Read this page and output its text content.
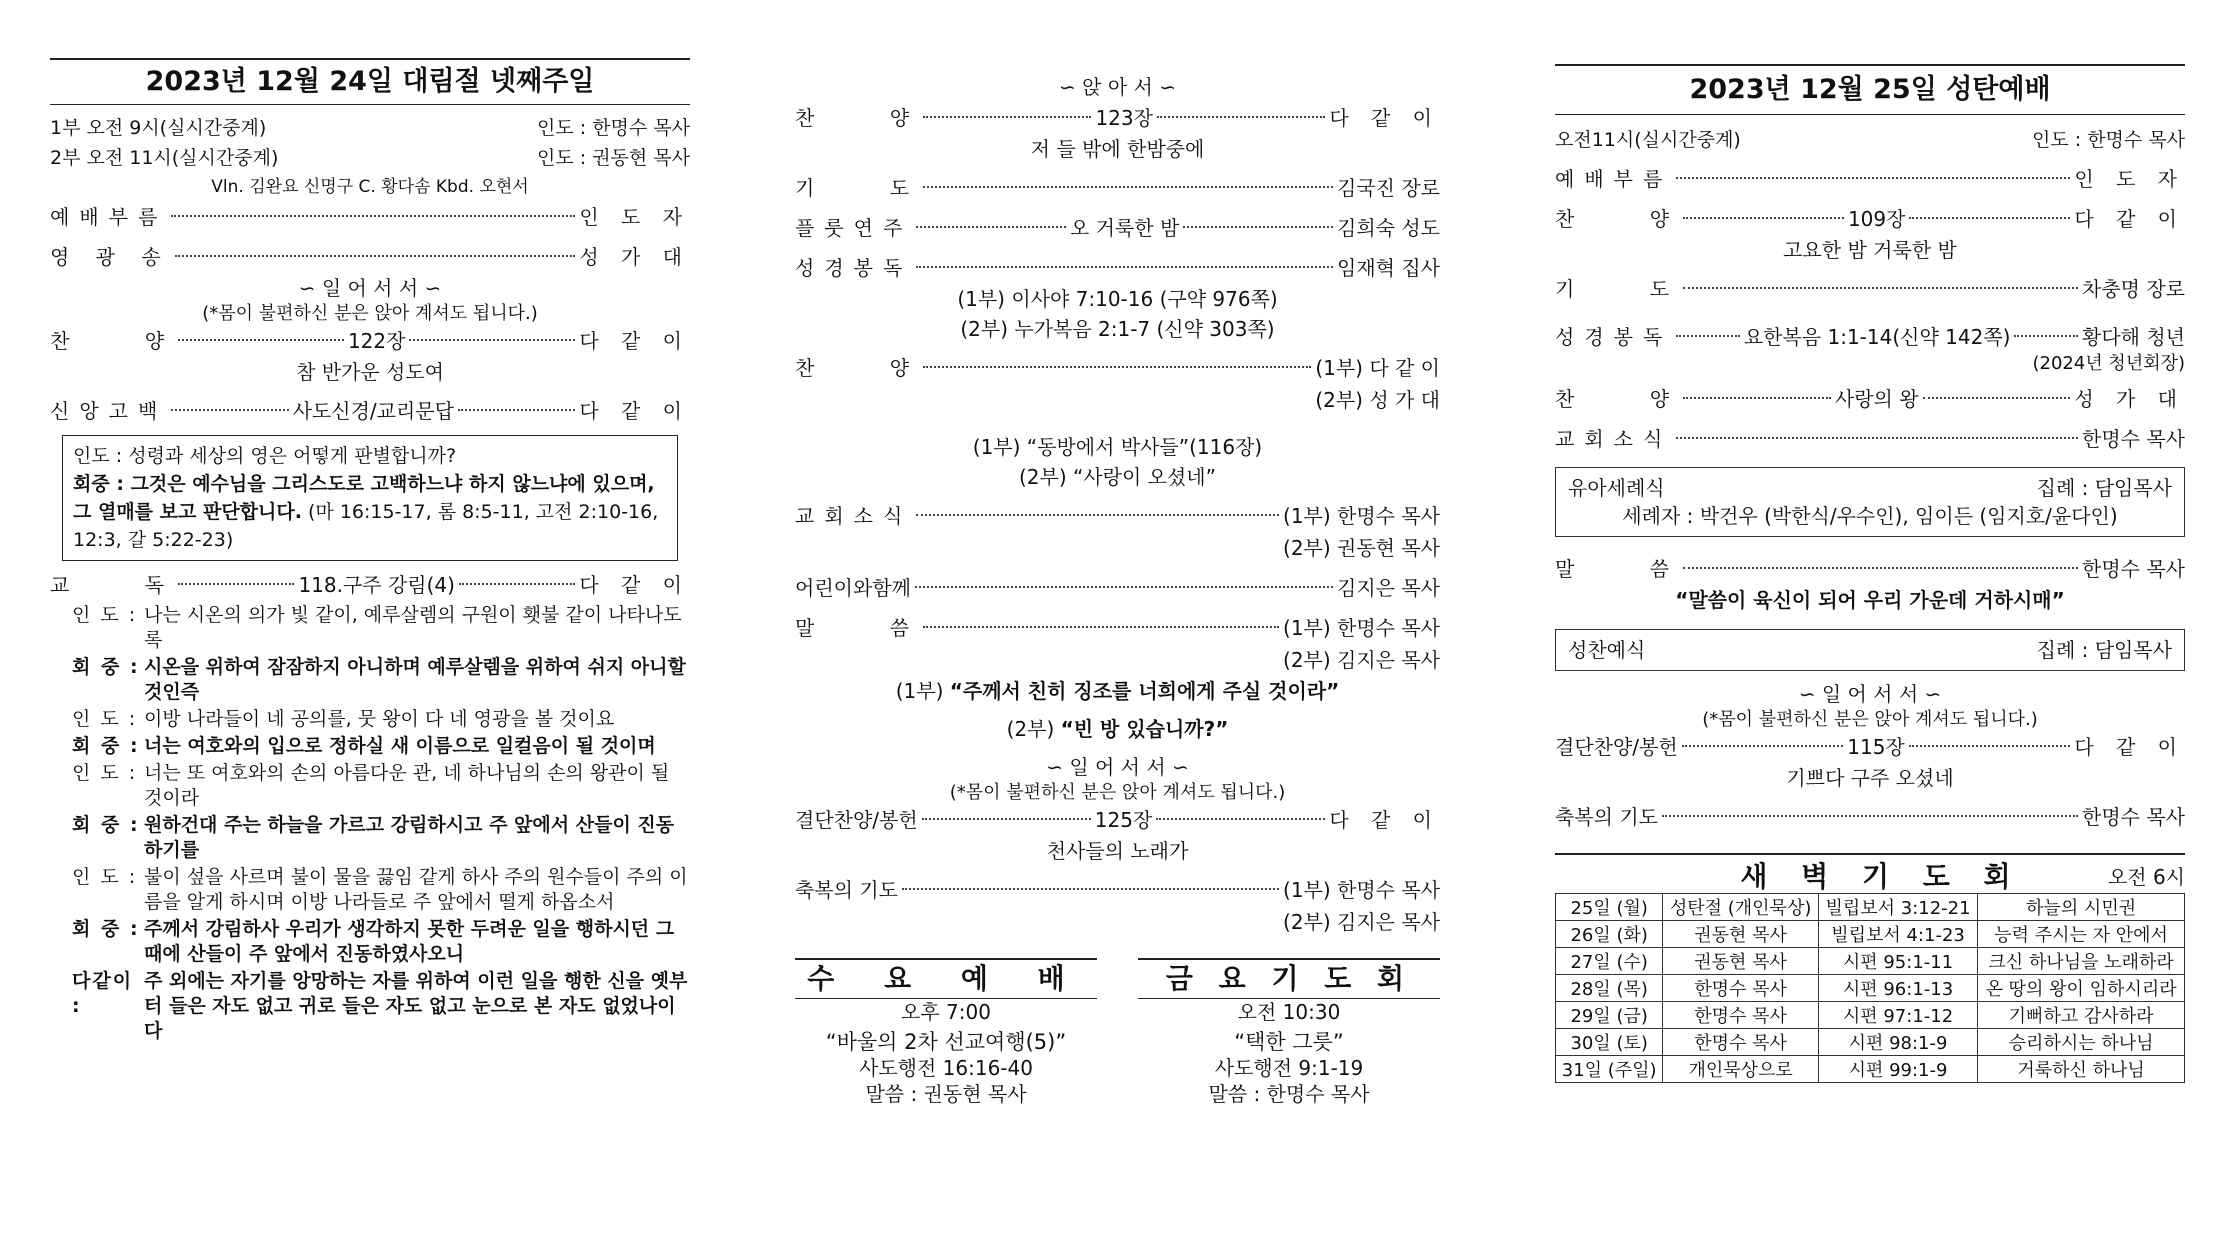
2023년 12월 24일 대림절 넷째주일
1부 오전 9시(실시간중계)	인도 : 한명수 목사
2부 오전 11시(실시간중계)	인도 : 권동현 목사
Vln. 김완요 신명구 C. 황다솜 Kbd. 오현서
예배부름	인 도 자
영 광 송	성 가 대
∽ 일 어 서 서 ∽
(*몸이 불편하신 분은 앉아 계셔도 됩니다.)
찬    양	122장	다 같 이
참 반가운 성도여
신앙고백	사도신경/교리문답	다 같 이
인도 : 성령과 세상의 영은 어떻게 판별합니까?
회중 : 그것은 예수님을 그리스도로 고백하느냐 하지 않느냐에 있으며, 그 열매를 보고 판단합니다. (마 16:15-17, 롬 8:5-11, 고전 2:10-16, 12:3, 갈 5:22-23)
교    독	118.구주 강림(4)	다 같 이
인 도 : 나는 시온의 의가 빛 같이, 예루살렘의 구원이 횃불 같이 나타나도록
회 중 : 시온을 위하여 잠잠하지 아니하며 예루살렘을 위하여 쉬지 아니할 것인즉
인 도 : 이방 나라들이 네 공의를, 뭇 왕이 다 네 영광을 볼 것이요
회 중 : 너는 여호와의 입으로 정하실 새 이름으로 일컬음이 될 것이며
인 도 : 너는 또 여호와의 손의 아름다운 관, 네 하나님의 손의 왕관이 될 것이라
회 중 : 원하건대 주는 하늘을 가르고 강림하시고 주 앞에서 산들이 진동하기를
인 도 : 불이 섶을 사르며 불이 물을 끓임 같게 하사 주의 원수들이 주의 이름을 알게 하시며 이방 나라들로 주 앞에서 떨게 하옵소서
회 중 : 주께서 강림하사 우리가 생각하지 못한 두려운 일을 행하시던 그 때에 산들이 주 앞에서 진동하였사오니
다같이 :
주 외에는 자기를 앙망하는 자를 위하여 이런 일을 행한 신을 옛부터 들은 자도 없고 귀로 들은 자도 없고 눈으로 본 자도 없었나이다
∽ 앉 아 서 ∽
찬    양	123장	다 같 이
저 들 밖에 한밤중에
기    도	김국진 장로
플룻연주	오 거룩한 밤	김희숙 성도
성경봉독	임재혁 집사
(1부) 이사야 7:10-16 (구약 976쪽)
(2부) 누가복음 2:1-7 (신약 303쪽)
찬    양	(1부) 다 같 이
(2부) 성 가 대
(1부) “동방에서 박사들”(116장)
(2부) “사랑이 오셨네”
교회소식	(1부) 한명수 목사
(2부) 권동현 목사
어린이와함께	김지은 목사
말    씀	(1부) 한명수 목사
(2부) 김지은 목사
(1부) “주께서 친히 징조를 너희에게 주실 것이라”
(2부) “빈 방 있습니까?”
∽ 일 어 서 서 ∽
(*몸이 불편하신 분은 앉아 계셔도 됩니다.)
결단찬양/봉헌	125장	다 같 이
천사들의 노래가
축복의 기도	(1부) 한명수 목사
(2부) 김지은 목사
수 요 예 배
오후 7:00
“바울의 2차 선교여행(5)”
사도행전 16:16-40
말씀 : 권동현 목사
금 요 기 도 회
오전 10:30
“택한 그릇”
사도행전 9:1-19
말씀 : 한명수 목사
2023년 12월 25일 성탄예배
오전11시(실시간중계)	인도 : 한명수 목사
예배부름	인 도 자
찬    양	109장	다 같 이
고요한 밤 거룩한 밤
기    도	차충명 장로
성경봉독	요한복음 1:1-14(신약 142쪽)	황다해 청년
(2024년 청년회장)
찬    양	사랑의 왕	성 가 대
교회소식	한명수 목사
유아세례식	집례 : 담임목사
세례자 : 박건우 (박한식/우수인), 임이든 (임지호/윤다인)
말    씀	한명수 목사
“말씀이 육신이 되어 우리 가운데 거하시매”
성찬예식	집례 : 담임목사
∽ 일 어 서 서 ∽
(*몸이 불편하신 분은 앉아 계셔도 됩니다.)
결단찬양/봉헌	115장	다 같 이
기쁘다 구주 오셨네
축복의 기도	한명수 목사
새 벽 기 도 회	오전 6시
25일 (월)	성탄절 (개인묵상)	빌립보서 3:12-21	하늘의 시민권
26일 (화)	권동현 목사	빌립보서 4:1-23	능력 주시는 자 안에서
27일 (수)	권동현 목사	시편 95:1-11	크신 하나님을 노래하라
28일 (목)	한명수 목사	시편 96:1-13	온 땅의 왕이 임하시리라
29일 (금)	한명수 목사	시편 97:1-12	기뻐하고 감사하라
30일 (토)	한명수 목사	시편 98:1-9	승리하시는 하나님
31일 (주일)	개인묵상으로	시편 99:1-9	거룩하신 하나님
